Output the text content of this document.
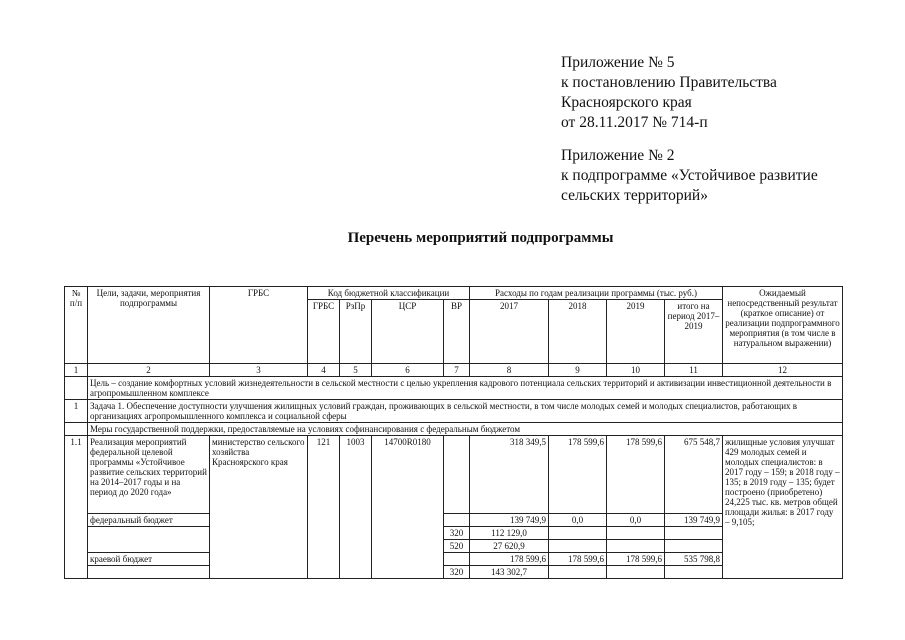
Приложение № 5
к постановлению Правительства
Красноярского края
от 28.11.2017 № 714-п
Приложение № 2
к подпрограмме «Устойчивое развитие
сельских территорий»
Перечень мероприятий подпрограммы
№ п/п	Цели, задачи, мероприятия подпрограммы	ГРБС	Код бюджетной классификации				Расходы по годам реализации программы (тыс. руб.)				Ожидаемый непосредственный результат (краткое описание) от реализации подпрограммного мероприятия (в том числе в натуральном выражении)
			ГРБС	РзПр	ЦСР	ВР	2017	2018	2019	итого на период 2017–2019	
1	2	3	4	5	6	7	8	9	10	11	12
	Цель – создание комфортных условий жизнедеятельности в сельской местности с целью укрепления кадрового потенциала сельских территорий и активизации инвестиционной деятельности в агропромышленном комплексе										
1	Задача 1. Обеспечение доступности улучшения жилищных условий граждан, проживающих в сельской местности, в том числе молодых семей и молодых специалистов, работающих в организациях агропромышленного комплекса и социальной сферы										
	Меры государственной поддержки, предоставляемые на условиях софинансирования с федеральным бюджетом										
1.1	Реализация мероприятий федеральной целевой программы «Устойчивое развитие сельских территорий на 2014–2017 годы и на период до 2020 года»	министерство сельского хозяйства Красноярского края	121	1003	14700R0180		318 349,5	178 599,6	178 599,6	675 548,7	жилищные условия улучшат 429 молодых семей и молодых специалистов: в 2017 году – 159; в 2018 году – 135; в 2019 году – 135; будет построено (приобретено) 24,225 тыс. кв. метров общей площади жилья: в 2017 году – 9,105;
	федеральный бюджет						139 749,9	0,0	0,0	139 749,9	
						320	112 129,0				
						520	27 620,9				
	краевой бюджет						178 599,6	178 599,6	178 599,6	535 798,8	
						320	143 302,7				
